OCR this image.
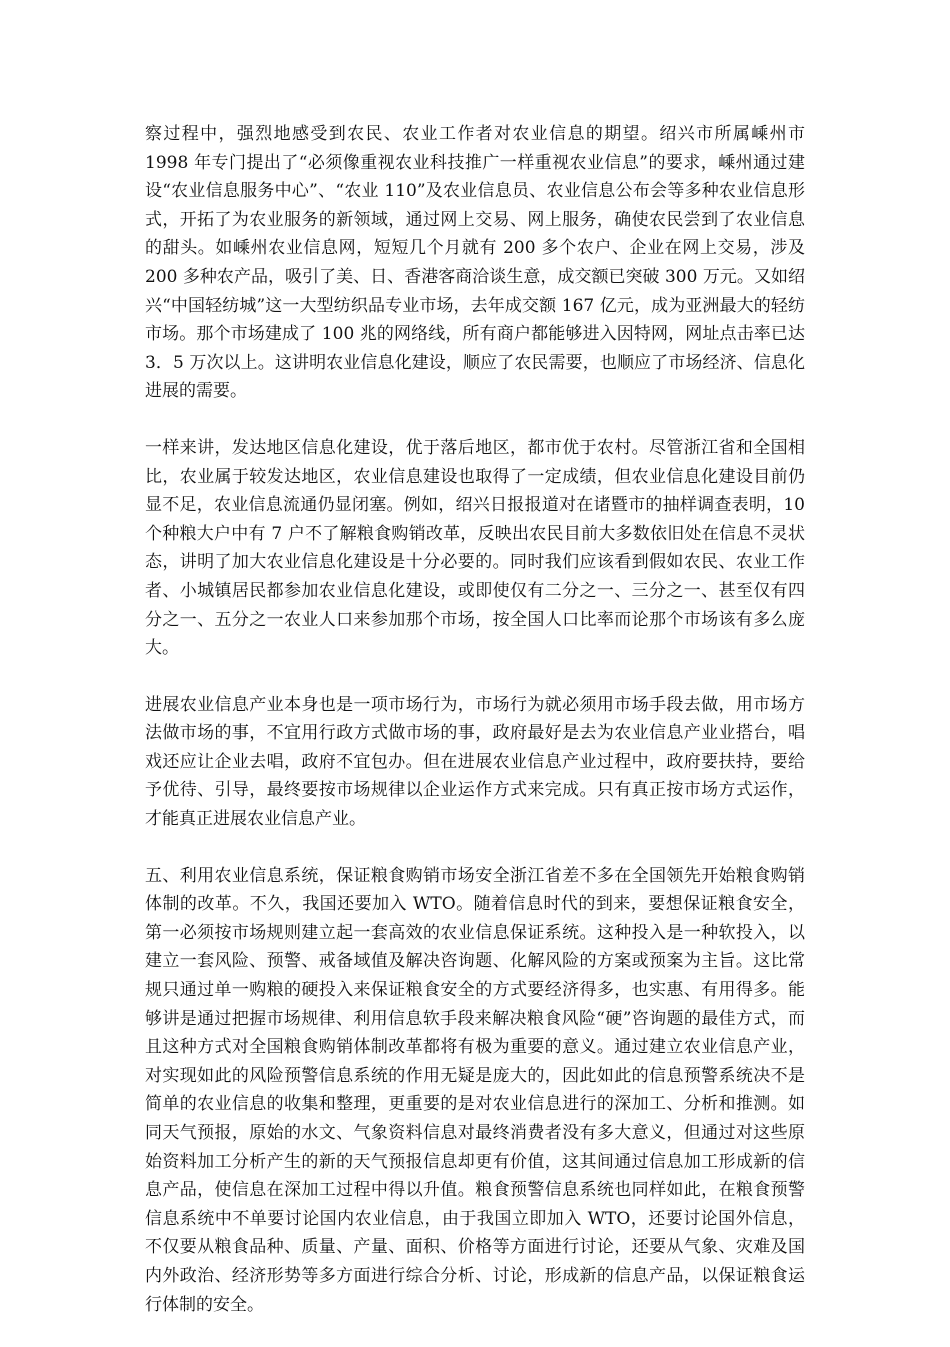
察过程中，强烈地感受到农民、农业工作者对农业信息的期望。绍兴市所属嵊州市 1998 年专门提出了“必须像重视农业科技推广一样重视农业信息”的要求，嵊州通过建设“农业信息服务中心”、“农业 110”及农业信息员、农业信息公布会等多种农业信息形式，开拓了为农业服务的新领域，通过网上交易、网上服务，确使农民尝到了农业信息的甜头。如嵊州农业信息网，短短几个月就有 200 多个农户、企业在网上交易，涉及 200 多种农产品，吸引了美、日、香港客商洽谈生意，成交额已突破 300 万元。又如绍兴“中国轻纺城”这一大型纺织品专业市场，去年成交额 167 亿元，成为亚洲最大的轻纺市场。那个市场建成了 100 兆的网络线，所有商户都能够进入因特网，网址点击率已达 3．5 万次以上。这讲明农业信息化建设，顺应了农民需要，也顺应了市场经济、信息化进展的需要。

一样来讲，发达地区信息化建设，优于落后地区，都市优于农村。尽管浙江省和全国相比，农业属于较发达地区，农业信息建设也取得了一定成绩，但农业信息化建设目前仍显不足，农业信息流通仍显闭塞。例如，绍兴日报报道对在诸暨市的抽样调查表明，10 个种粮大户中有 7 户不了解粮食购销改革，反映出农民目前大多数依旧处在信息不灵状态，讲明了加大农业信息化建设是十分必要的。同时我们应该看到假如农民、农业工作者、小城镇居民都参加农业信息化建设，或即使仅有二分之一、三分之一、甚至仅有四分之一、五分之一农业人口来参加那个市场，按全国人口比率而论那个市场该有多么庞大。

进展农业信息产业本身也是一项市场行为，市场行为就必须用市场手段去做，用市场方法做市场的事，不宜用行政方式做市场的事，政府最好是去为农业信息产业业搭台，唱戏还应让企业去唱，政府不宜包办。但在进展农业信息产业过程中，政府要扶持，要给予优待、引导，最终要按市场规律以企业运作方式来完成。只有真正按市场方式运作，才能真正进展农业信息产业。

五、利用农业信息系统，保证粮食购销市场安全浙江省差不多在全国领先开始粮食购销体制的改革。不久，我国还要加入 WTO。随着信息时代的到来，要想保证粮食安全，第一必须按市场规则建立起一套高效的农业信息保证系统。这种投入是一种软投入，以建立一套风险、预警、戒备域值及解决咨询题、化解风险的方案或预案为主旨。这比常规只通过单一购粮的硬投入来保证粮食安全的方式要经济得多，也实惠、有用得多。能够讲是通过把握市场规律、利用信息软手段来解决粮食风险“硬”咨询题的最佳方式，而且这种方式对全国粮食购销体制改革都将有极为重要的意义。通过建立农业信息产业，对实现如此的风险预警信息系统的作用无疑是庞大的，因此如此的信息预警系统决不是简单的农业信息的收集和整理，更重要的是对农业信息进行的深加工、分析和推测。如同天气预报，原始的水文、气象资料信息对最终消费者没有多大意义，但通过对这些原始资料加工分析产生的新的天气预报信息却更有价值，这其间通过信息加工形成新的信息产品，使信息在深加工过程中得以升值。粮食预警信息系统也同样如此，在粮食预警信息系统中不单要讨论国内农业信息，由于我国立即加入 WTO，还要讨论国外信息，不仅要从粮食品种、质量、产量、面积、价格等方面进行讨论，还要从气象、灾难及国内外政治、经济形势等多方面进行综合分析、讨论，形成新的信息产品，以保证粮食运行体制的安全。
